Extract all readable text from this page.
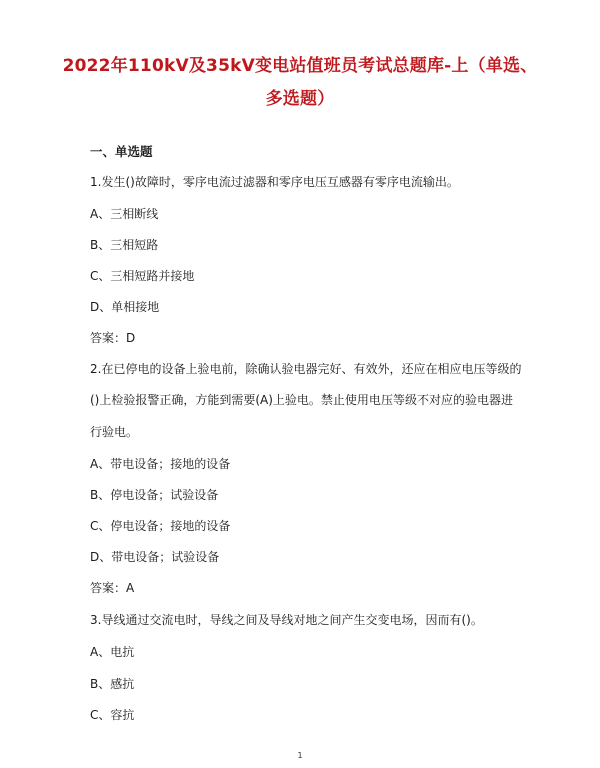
2022年110kV及35kV变电站值班员考试总题库-上（单选、多选题）
一、单选题
1.发生()故障时，零序电流过滤器和零序电压互感器有零序电流输出。
A、三相断线
B、三相短路
C、三相短路并接地
D、单相接地
答案：D
2.在已停电的设备上验电前，除确认验电器完好、有效外，还应在相应电压等级的
()上检验报警正确，方能到需要(A)上验电。禁止使用电压等级不对应的验电器进
行验电。
A、带电设备；接地的设备
B、停电设备；试验设备
C、停电设备；接地的设备
D、带电设备；试验设备
答案：A
3.导线通过交流电时，导线之间及导线对地之间产生交变电场，因而有()。
A、电抗
B、感抗
C、容抗
1
